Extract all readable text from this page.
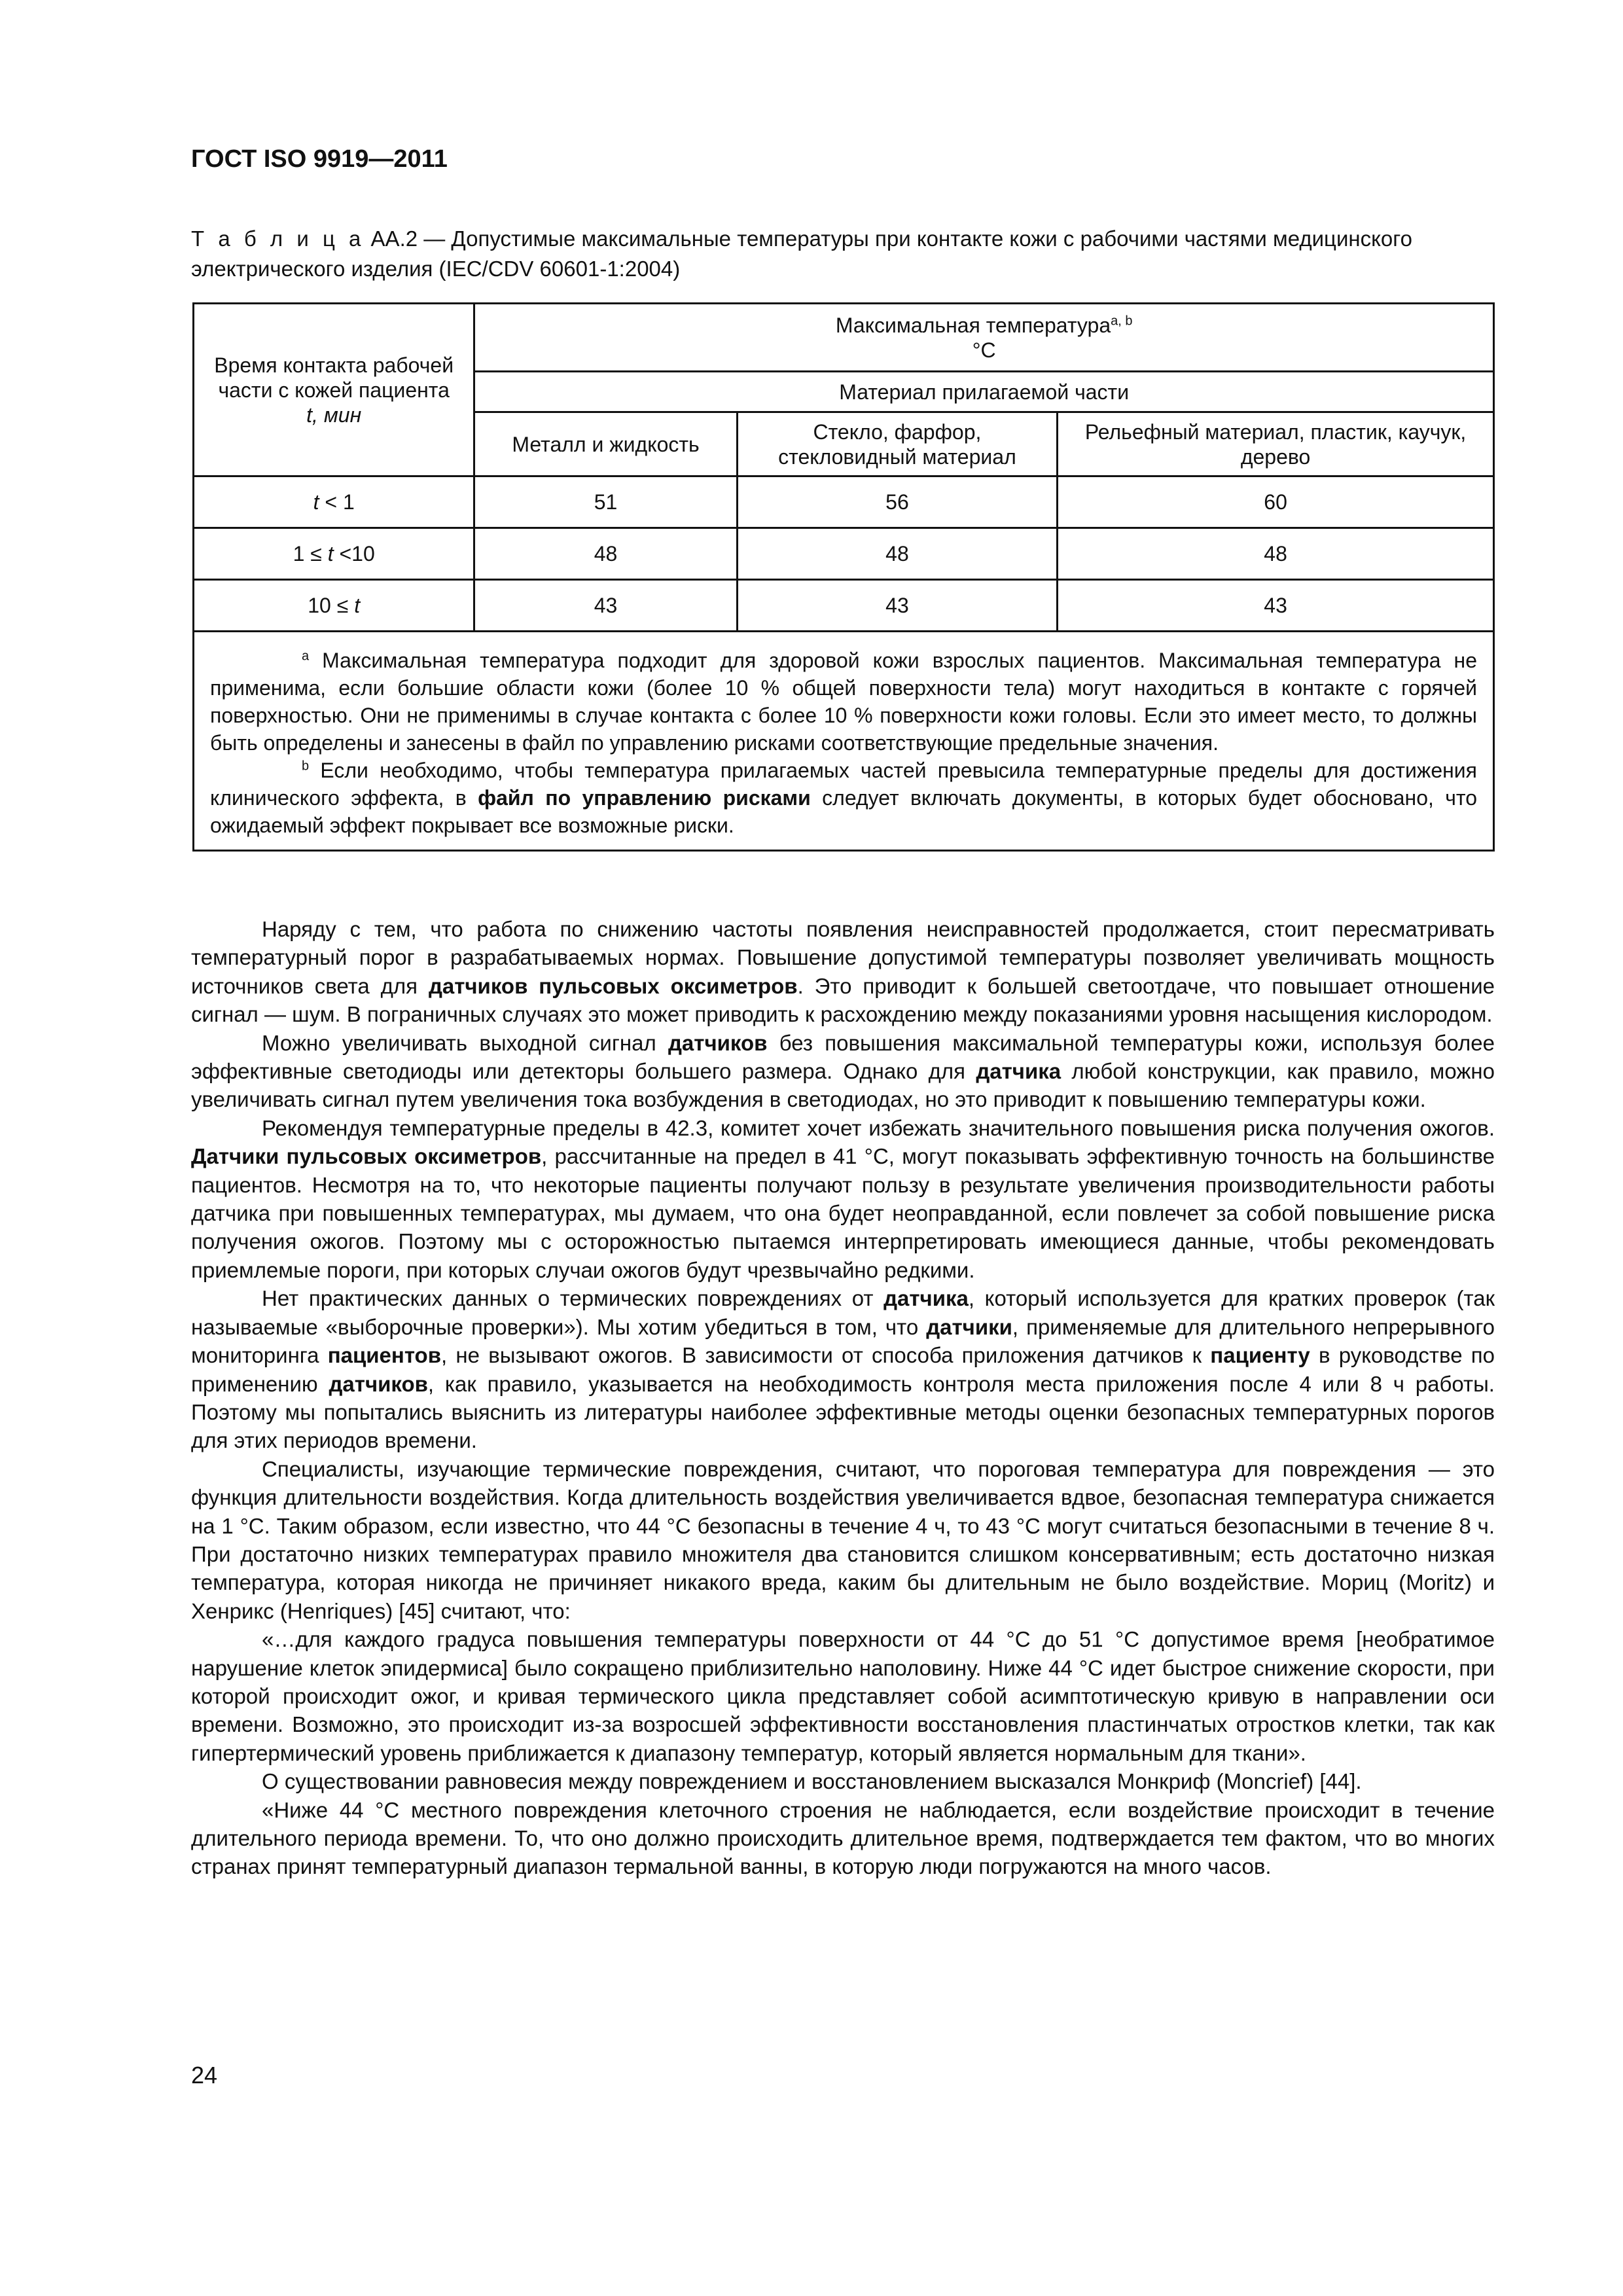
ГОСТ ISO 9919—2011
Т а б л и ц а АА.2 — Допустимые максимальные температуры при контакте кожи с рабочими частями медицинского электрического изделия (IEC/CDV 60601-1:2004)
Время контакта рабочей части с кожей пациента
t, мин	Максимальная температура$^{a, b}$
°C		
	Материал прилагаемой части		
	Металл и жидкость	Стекло, фарфор, стекловидный материал	Рельефный материал, пластик, каучук, дерево
t < 1	51	56	60
1 ≤ t <10	48	48	48
10 ≤ t	43	43	43

$^a$ Максимальная температура подходит для здоровой кожи взрослых пациентов. Максимальная температура не применима, если большие области кожи (более 10 % общей поверхности тела) могут находиться в контакте с горячей поверхностью. Они не применимы в случае контакта с более 10 % поверхности кожи головы. Если это имеет место, то должны быть определены и занесены в файл по управлению рисками соответствующие предельные значения.

$^b$ Если необходимо, чтобы температура прилагаемых частей превысила температурные пределы для достижения клинического эффекта, в файл по управлению рисками следует включать документы, в которых будет обосновано, что ожидаемый эффект покрывает все возможные риски.			

Наряду с тем, что работа по снижению частоты появления неисправностей продолжается, стоит пересматривать температурный порог в разрабатываемых нормах. Повышение допустимой температуры позволяет увеличивать мощность источников света для датчиков пульсовых оксиметров. Это приводит к большей светоотдаче, что повышает отношение сигнал — шум. В пограничных случаях это может приводить к расхождению между показаниями уровня насыщения кислородом.

Можно увеличивать выходной сигнал датчиков без повышения максимальной температуры кожи, используя более эффективные светодиоды или детекторы большего размера. Однако для датчика любой конструкции, как правило, можно увеличивать сигнал путем увеличения тока возбуждения в светодиодах, но это приводит к повышению температуры кожи.

Рекомендуя температурные пределы в 42.3, комитет хочет избежать значительного повышения риска получения ожогов. Датчики пульсовых оксиметров, рассчитанные на предел в 41 °C, могут показывать эффективную точность на большинстве пациентов. Несмотря на то, что некоторые пациенты получают пользу в результате увеличения производительности работы датчика при повышенных температурах, мы думаем, что она будет неоправданной, если повлечет за собой повышение риска получения ожогов. Поэтому мы с осторожностью пытаемся интерпретировать имеющиеся данные, чтобы рекомендовать приемлемые пороги, при которых случаи ожогов будут чрезвычайно редкими.

Нет практических данных о термических повреждениях от датчика, который используется для кратких проверок (так называемые «выборочные проверки»). Мы хотим убедиться в том, что датчики, применяемые для длительного непрерывного мониторинга пациентов, не вызывают ожогов. В зависимости от способа приложения датчиков к пациенту в руководстве по применению датчиков, как правило, указывается на необходимость контроля места приложения после 4 или 8 ч работы. Поэтому мы попытались выяснить из литературы наиболее эффективные методы оценки безопасных температурных порогов для этих периодов времени.

Специалисты, изучающие термические повреждения, считают, что пороговая температура для повреждения — это функция длительности воздействия. Когда длительность воздействия увеличивается вдвое, безопасная температура снижается на 1 °C. Таким образом, если известно, что 44 °C безопасны в течение 4 ч, то 43 °C могут считаться безопасными в течение 8 ч. При достаточно низких температурах правило множителя два становится слишком консервативным; есть достаточно низкая температура, которая никогда не причиняет никакого вреда, каким бы длительным не было воздействие. Мориц (Moritz) и Хенрикс (Henriques) [45] считают, что:

«…для каждого градуса повышения температуры поверхности от 44 °C до 51 °C допустимое время [необратимое нарушение клеток эпидермиса] было сокращено приблизительно наполовину. Ниже 44 °C идет быстрое снижение скорости, при которой происходит ожог, и кривая термического цикла представляет собой асимптотическую кривую в направлении оси времени. Возможно, это происходит из-за возросшей эффективности восстановления пластинчатых отростков клетки, так как гипертермический уровень приближается к диапазону температур, который является нормальным для ткани».

О существовании равновесия между повреждением и восстановлением высказался Монкриф (Moncrief) [44].

«Ниже 44 °C местного повреждения клеточного строения не наблюдается, если воздействие происходит в течение длительного периода времени. То, что оно должно происходить длительное время, подтверждается тем фактом, что во многих странах принят температурный диапазон термальной ванны, в которую люди погружаются на много часов.

24
